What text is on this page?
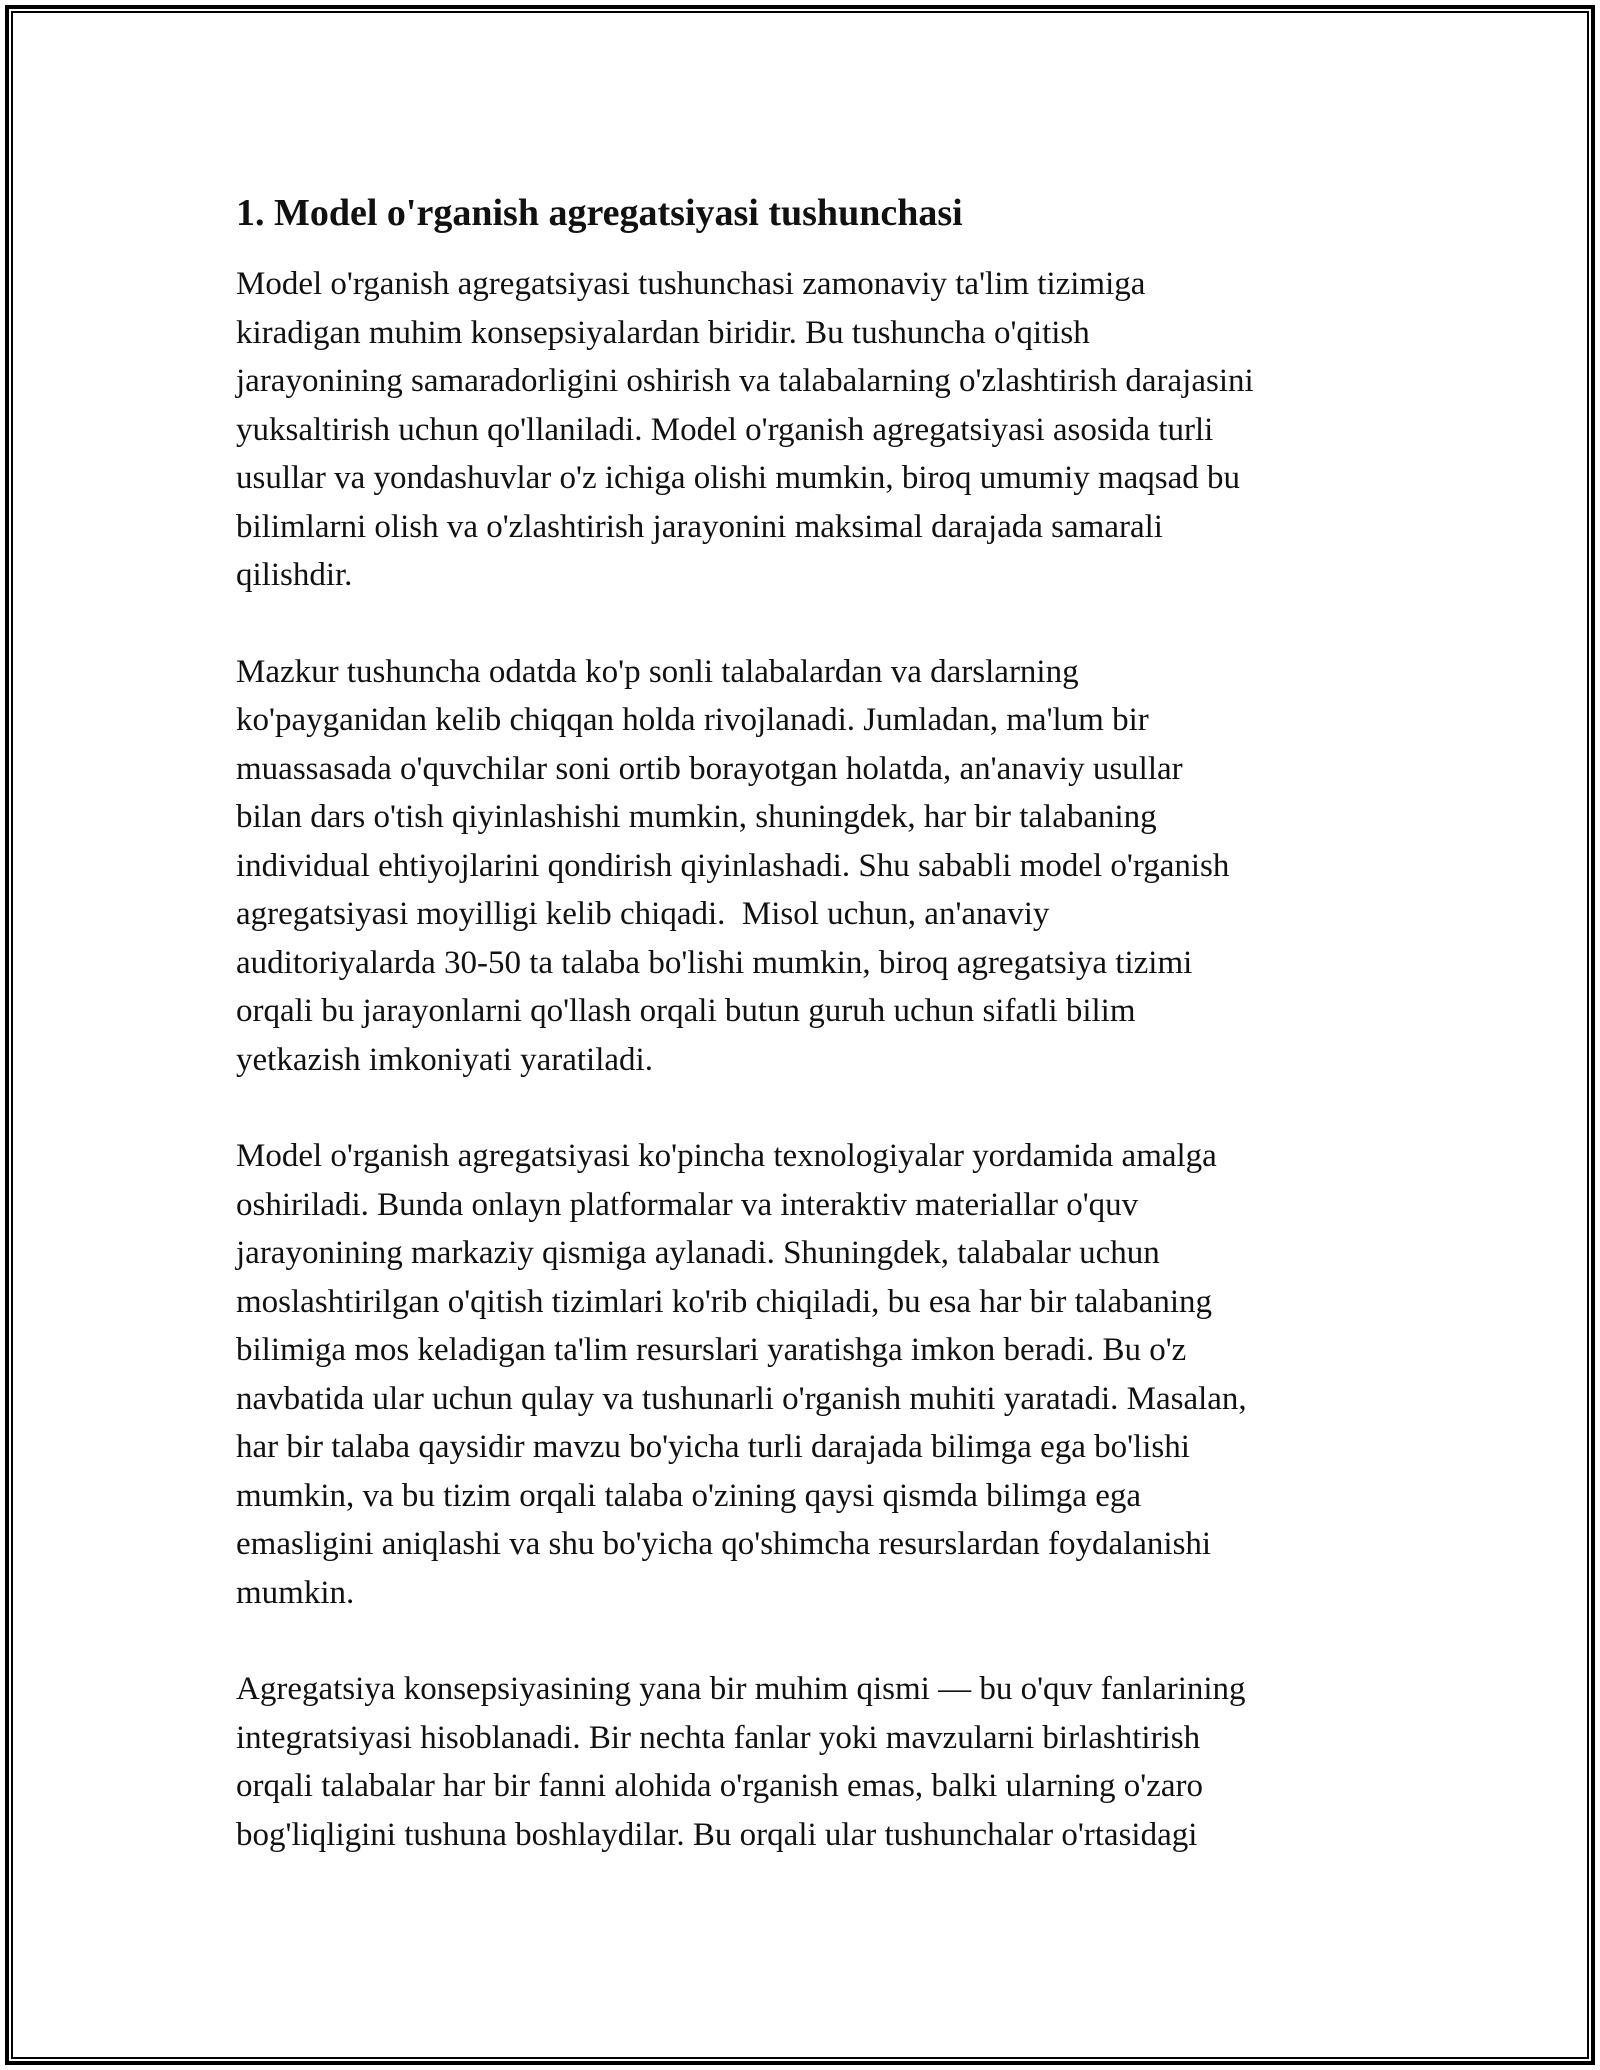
1. Model o'rganish agregatsiyasi tushunchasi
Model o'rganish agregatsiyasi tushunchasi zamonaviy ta'lim tizimiga
kiradigan muhim konsepsiyalardan biridir. Bu tushuncha o'qitish
jarayonining samaradorligini oshirish va talabalarning o'zlashtirish darajasini
yuksaltirish uchun qo'llaniladi. Model o'rganish agregatsiyasi asosida turli
usullar va yondashuvlar o'z ichiga olishi mumkin, biroq umumiy maqsad bu
bilimlarni olish va o'zlashtirish jarayonini maksimal darajada samarali
qilishdir.
Mazkur tushuncha odatda ko'p sonli talabalardan va darslarning
ko'payganidan kelib chiqqan holda rivojlanadi. Jumladan, ma'lum bir
muassasada o'quvchilar soni ortib borayotgan holatda, an'anaviy usullar
bilan dars o'tish qiyinlashishi mumkin, shuningdek, har bir talabaning
individual ehtiyojlarini qondirish qiyinlashadi. Shu sababli model o'rganish
agregatsiyasi moyilligi kelib chiqadi.  Misol uchun, an'anaviy
auditoriyalarda 30-50 ta talaba bo'lishi mumkin, biroq agregatsiya tizimi
orqali bu jarayonlarni qo'llash orqali butun guruh uchun sifatli bilim
yetkazish imkoniyati yaratiladi.
Model o'rganish agregatsiyasi ko'pincha texnologiyalar yordamida amalga
oshiriladi. Bunda onlayn platformalar va interaktiv materiallar o'quv
jarayonining markaziy qismiga aylanadi. Shuningdek, talabalar uchun
moslashtirilgan o'qitish tizimlari ko'rib chiqiladi, bu esa har bir talabaning
bilimiga mos keladigan ta'lim resurslari yaratishga imkon beradi. Bu o'z
navbatida ular uchun qulay va tushunarli o'rganish muhiti yaratadi. Masalan,
har bir talaba qaysidir mavzu bo'yicha turli darajada bilimga ega bo'lishi
mumkin, va bu tizim orqali talaba o'zining qaysi qismda bilimga ega
emasligini aniqlashi va shu bo'yicha qo'shimcha resurslardan foydalanishi
mumkin.
Agregatsiya konsepsiyasining yana bir muhim qismi — bu o'quv fanlarining
integratsiyasi hisoblanadi. Bir nechta fanlar yoki mavzularni birlashtirish
orqali talabalar har bir fanni alohida o'rganish emas, balki ularning o'zaro
bog'liqligini tushuna boshlaydilar. Bu orqali ular tushunchalar o'rtasidagi
